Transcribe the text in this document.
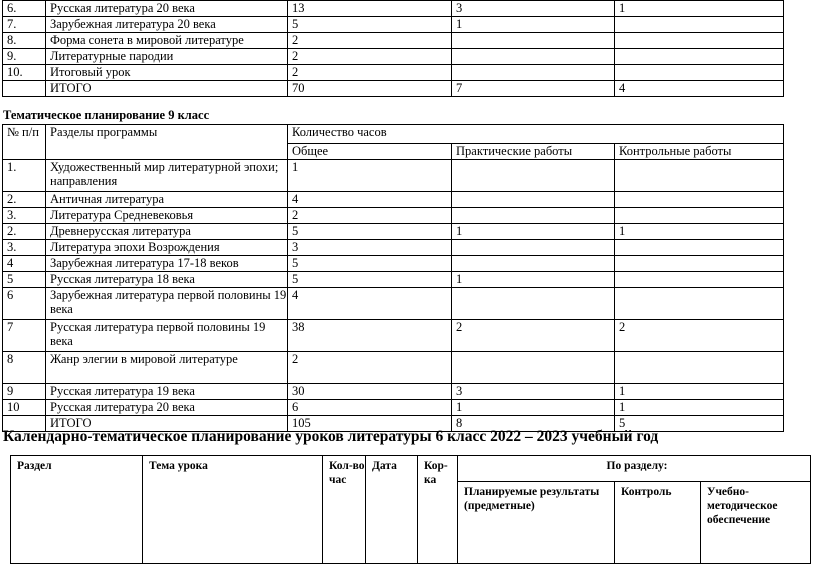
6.	Русская литература 20 века	13	3	1
7.	Зарубежная литература 20 века	5	1	
8.	Форма сонета в мировой литературе	2		
9.	Литературные пародии	2		
10.	Итоговый урок	2		
	ИТОГО	70	7	4
Тематическое планирование 9 класс
№ п/п	Разделы программы	Количество часов		
		Общее	Практические работы	Контрольные работы
1.	Художественный мир литературной эпохи; направления	1		
2.	Античная литература	4		
3.	Литература Средневековья	2		
2.	Древнерусская литература	5	1	1
3.	Литература эпохи Возрождения	3		
4	Зарубежная литература 17-18 веков	5		
5	Русская литература 18 века	5	1	
6	Зарубежная литература первой половины 19 века	4		
7	Русская литература первой половины 19 века	38	2	2
8	Жанр элегии в мировой литературе	2		
9	Русская литература 19 века	30	3	1
10	Русская литература 20 века	6	1	1
	ИТОГО	105	8	5
Календарно-тематическое планирование уроков литературы 6 класс 2022 – 2023 учебный год
Раздел	Тема урока	Кол-во час	Дата	Кор-ка	По разделу:		
					Планируемые результаты (предметные)	Контроль	Учебно-методическое обеспечение
